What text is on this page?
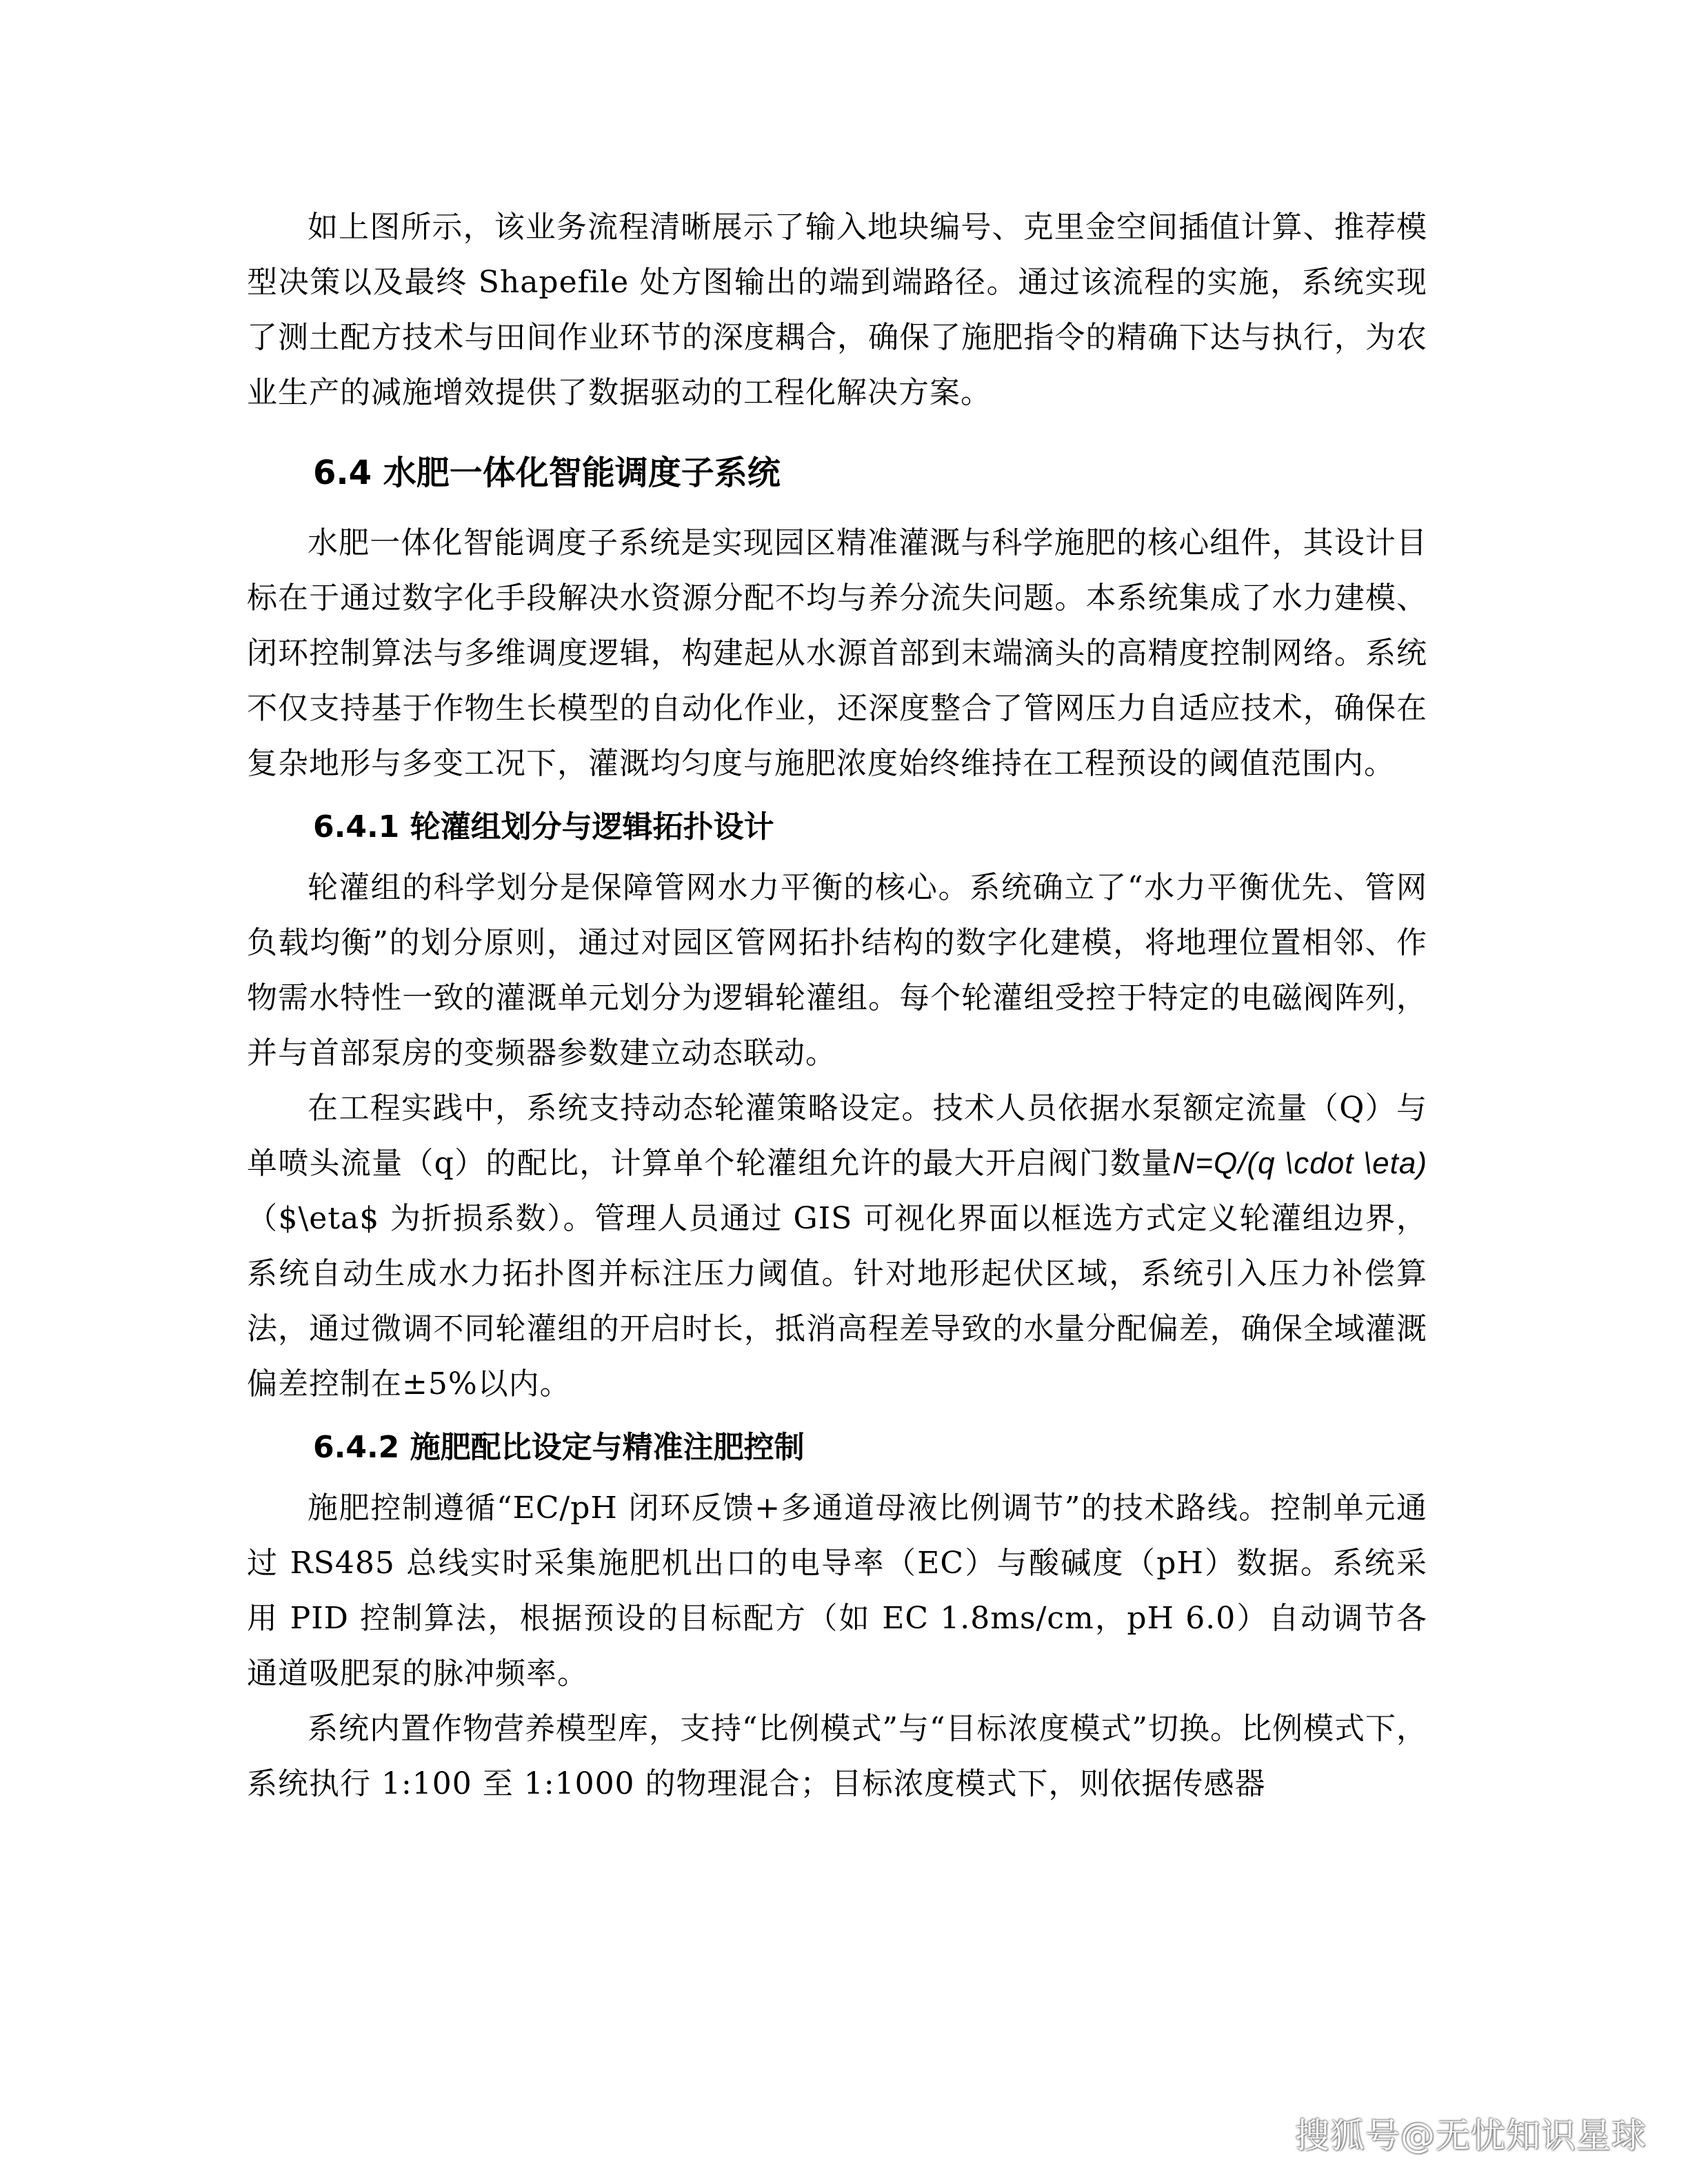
如上图所示，该业务流程清晰展示了输入地块编号、克里金空间插值计算、推荐模型决策以及最终 Shapefile 处方图输出的端到端路径。通过该流程的实施，系统实现了测土配方技术与田间作业环节的深度耦合，确保了施肥指令的精确下达与执行，为农业生产的减施增效提供了数据驱动的工程化解决方案。

6.4 水肥一体化智能调度子系统

水肥一体化智能调度子系统是实现园区精准灌溉与科学施肥的核心组件，其设计目标在于通过数字化手段解决水资源分配不均与养分流失问题。本系统集成了水力建模、闭环控制算法与多维调度逻辑，构建起从水源首部到末端滴头的高精度控制网络。系统不仅支持基于作物生长模型的自动化作业，还深度整合了管网压力自适应技术，确保在复杂地形与多变工况下，灌溉均匀度与施肥浓度始终维持在工程预设的阈值范围内。

6.4.1 轮灌组划分与逻辑拓扑设计

轮灌组的科学划分是保障管网水力平衡的核心。系统确立了“水力平衡优先、管网负载均衡”的划分原则，通过对园区管网拓扑结构的数字化建模，将地理位置相邻、作物需水特性一致的灌溉单元划分为逻辑轮灌组。每个轮灌组受控于特定的电磁阀阵列，并与首部泵房的变频器参数建立动态联动。

在工程实践中，系统支持动态轮灌策略设定。技术人员依据水泵额定流量（Q）与单喷头流量（q）的配比，计算单个轮灌组允许的最大开启阀门数量N=Q/(q \cdot \eta)（$\eta$ 为折损系数）。管理人员通过 GIS 可视化界面以框选方式定义轮灌组边界，系统自动生成水力拓扑图并标注压力阈值。针对地形起伏区域，系统引入压力补偿算法，通过微调不同轮灌组的开启时长，抵消高程差导致的水量分配偏差，确保全域灌溉偏差控制在±5%以内。

6.4.2 施肥配比设定与精准注肥控制

施肥控制遵循“EC/pH 闭环反馈+多通道母液比例调节”的技术路线。控制单元通过 RS485 总线实时采集施肥机出口的电导率（EC）与酸碱度（pH）数据。系统采用 PID 控制算法，根据预设的目标配方（如 EC 1.8ms/cm，pH 6.0）自动调节各通道吸肥泵的脉冲频率。

系统内置作物营养模型库，支持“比例模式”与“目标浓度模式”切换。比例模式下，系统执行 1:100 至 1:1000 的物理混合；目标浓度模式下，则依据传感器

搜狐号@无忧知识星球
